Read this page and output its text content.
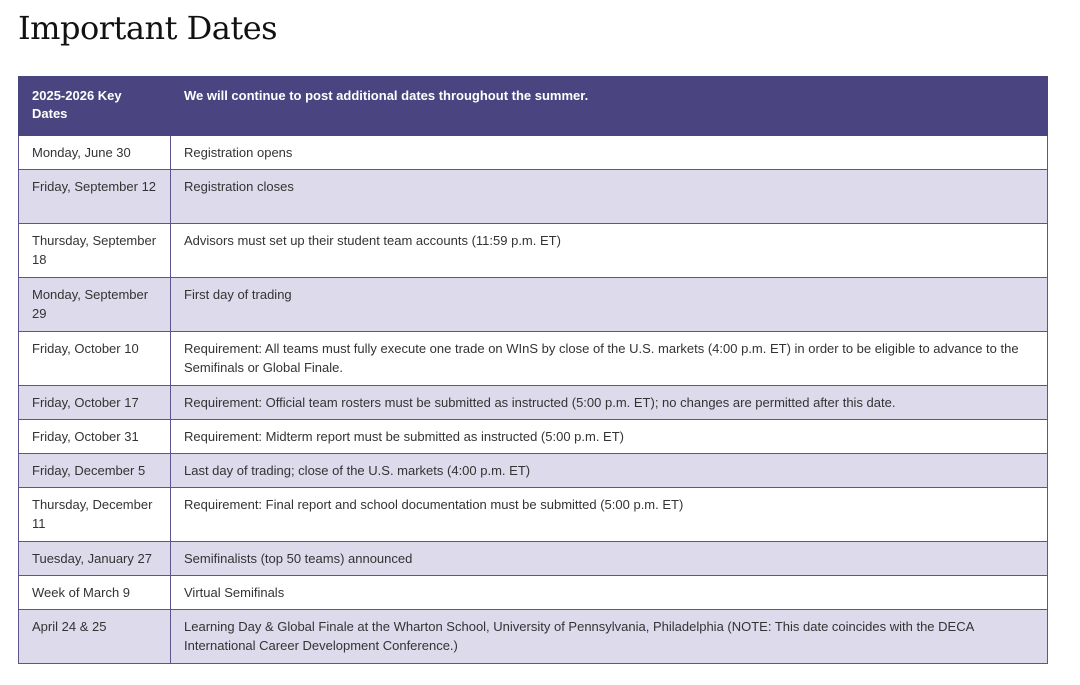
Important Dates
2025-2026 Key Dates	We will continue to post additional dates throughout the summer.
Monday, June 30	Registration opens
Friday, September 12	Registration closes
Thursday, September 18	Advisors must set up their student team accounts (11:59 p.m. ET)
Monday, September 29	First day of trading
Friday, October 10	Requirement: All teams must fully execute one trade on WInS by close of the U.S. markets (4:00 p.m. ET) in order to be eligible to advance to the Semifinals or Global Finale.
Friday, October 17	Requirement: Official team rosters must be submitted as instructed (5:00 p.m. ET); no changes are permitted after this date.
Friday, October 31	Requirement: Midterm report must be submitted as instructed (5:00 p.m. ET)
Friday, December 5	Last day of trading; close of the U.S. markets (4:00 p.m. ET)
Thursday, December 11	Requirement: Final report and school documentation must be submitted (5:00 p.m. ET)
Tuesday, January 27	Semifinalists (top 50 teams) announced
Week of March 9	Virtual Semifinals
April 24 & 25	Learning Day & Global Finale at the Wharton School, University of Pennsylvania, Philadelphia (NOTE: This date coincides with the DECA International Career Development Conference.)
